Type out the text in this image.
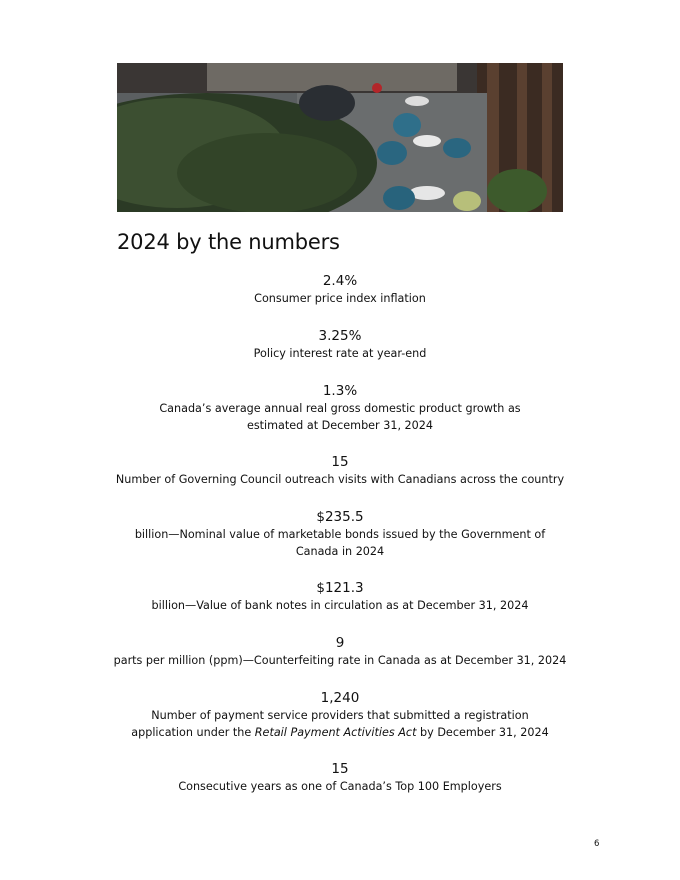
2024 by the numbers
2.4%
Consumer price index inflation
3.25%
Policy interest rate at year-end
1.3%
Canada’s average annual real gross domestic product growth as estimated at December 31, 2024
15
Number of Governing Council outreach visits with Canadians across the country
$235.5
billion—Nominal value of marketable bonds issued by the Government of Canada in 2024
$121.3
billion—Value of bank notes in circulation as at December 31, 2024
9
parts per million (ppm)—Counterfeiting rate in Canada as at December 31, 2024
1,240
Number of payment service providers that submitted a registration application under the Retail Payment Activities Act by December 31, 2024
15
Consecutive years as one of Canada’s Top 100 Employers
6
